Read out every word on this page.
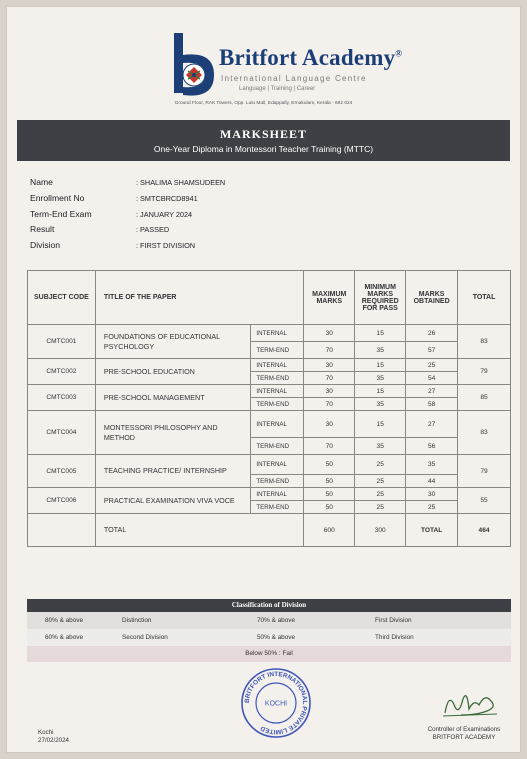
Britfort Academy®
International Language Centre
Language | Training | Career
Ground Floor, RAK Towers, Opp. Lulu Mall, Edappally, Ernakulam, Kerala - 682 024
MARKSHEET
One-Year Diploma in Montessori Teacher Training (MTTC)
Name	: SHALIMA SHAMSUDEEN
Enrollment No	: SMTCBRCD8941
Term-End Exam	: JANUARY 2024
Result	: PASSED
Division	: FIRST DIVISION
SUBJECT CODE	TITLE OF THE PAPER		MAXIMUM MARKS	MINIMUM MARKS REQUIRED FOR PASS	MARKS OBTAINED	TOTAL
CMTC001	FOUNDATIONS OF EDUCATIONAL PSYCHOLOGY	INTERNAL	30	15	26	83
		TERM-END	70	35	57	
CMTC002	PRE-SCHOOL EDUCATION	INTERNAL	30	15	25	79
		TERM-END	70	35	54	
CMTC003	PRE-SCHOOL MANAGEMENT	INTERNAL	30	15	27	85
		TERM-END	70	35	58	
CMTC004	MONTESSORI PHILOSOPHY AND METHOD	INTERNAL	30	15	27	83
		TERM-END	70	35	56	
CMTC005	TEACHING PRACTICE/ INTERNSHIP	INTERNAL	50	25	35	79
		TERM-END	50	25	44	
CMTC006	PRACTICAL EXAMINATION VIVA VOCE	INTERNAL	50	25	30	55
		TERM-END	50	25	25	
	TOTAL		600	300	TOTAL	464
Classification of Division
80% & above	Distinction	70% & above	First Division
60% & above	Second Division	50% & above	Third Division
Below 50% : Fail
BRITFORT INTERNATIONAL PRIVATE LIMITED
KOCHI
Kochi
27/02/2024
Controller of Examinations
BRITFORT ACADEMY
